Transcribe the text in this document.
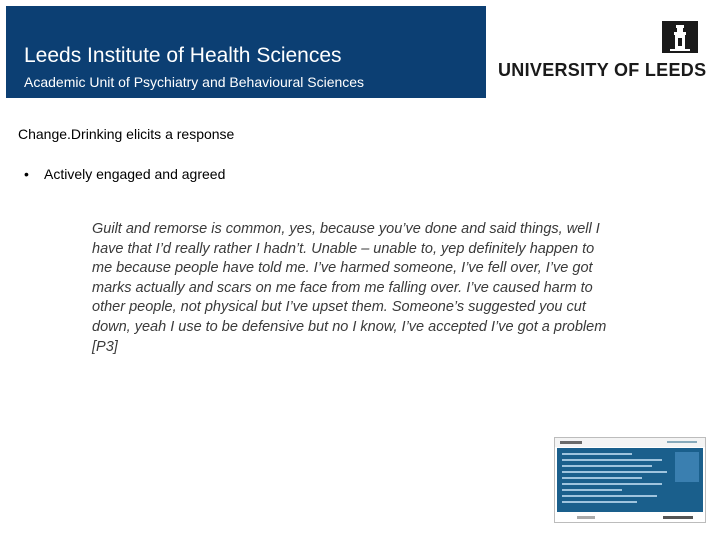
Leeds Institute of Health Sciences
Academic Unit of Psychiatry and Behavioural Sciences
UNIVERSITY OF LEEDS
Change.Drinking elicits a response
• Actively engaged and agreed
Guilt and remorse is common, yes, because you’ve done and said things, well I have that I’d really rather I hadn’t. Unable – unable to, yep definitely happen to me because people have told me. I’ve harmed someone, I’ve fell over, I’ve got marks actually and scars on me face from me falling over. I’ve caused harm to other people, not physical but I’ve upset them. Someone’s suggested you cut down, yeah I use to be defensive but no I know, I’ve accepted I’ve got a problem [P3]
